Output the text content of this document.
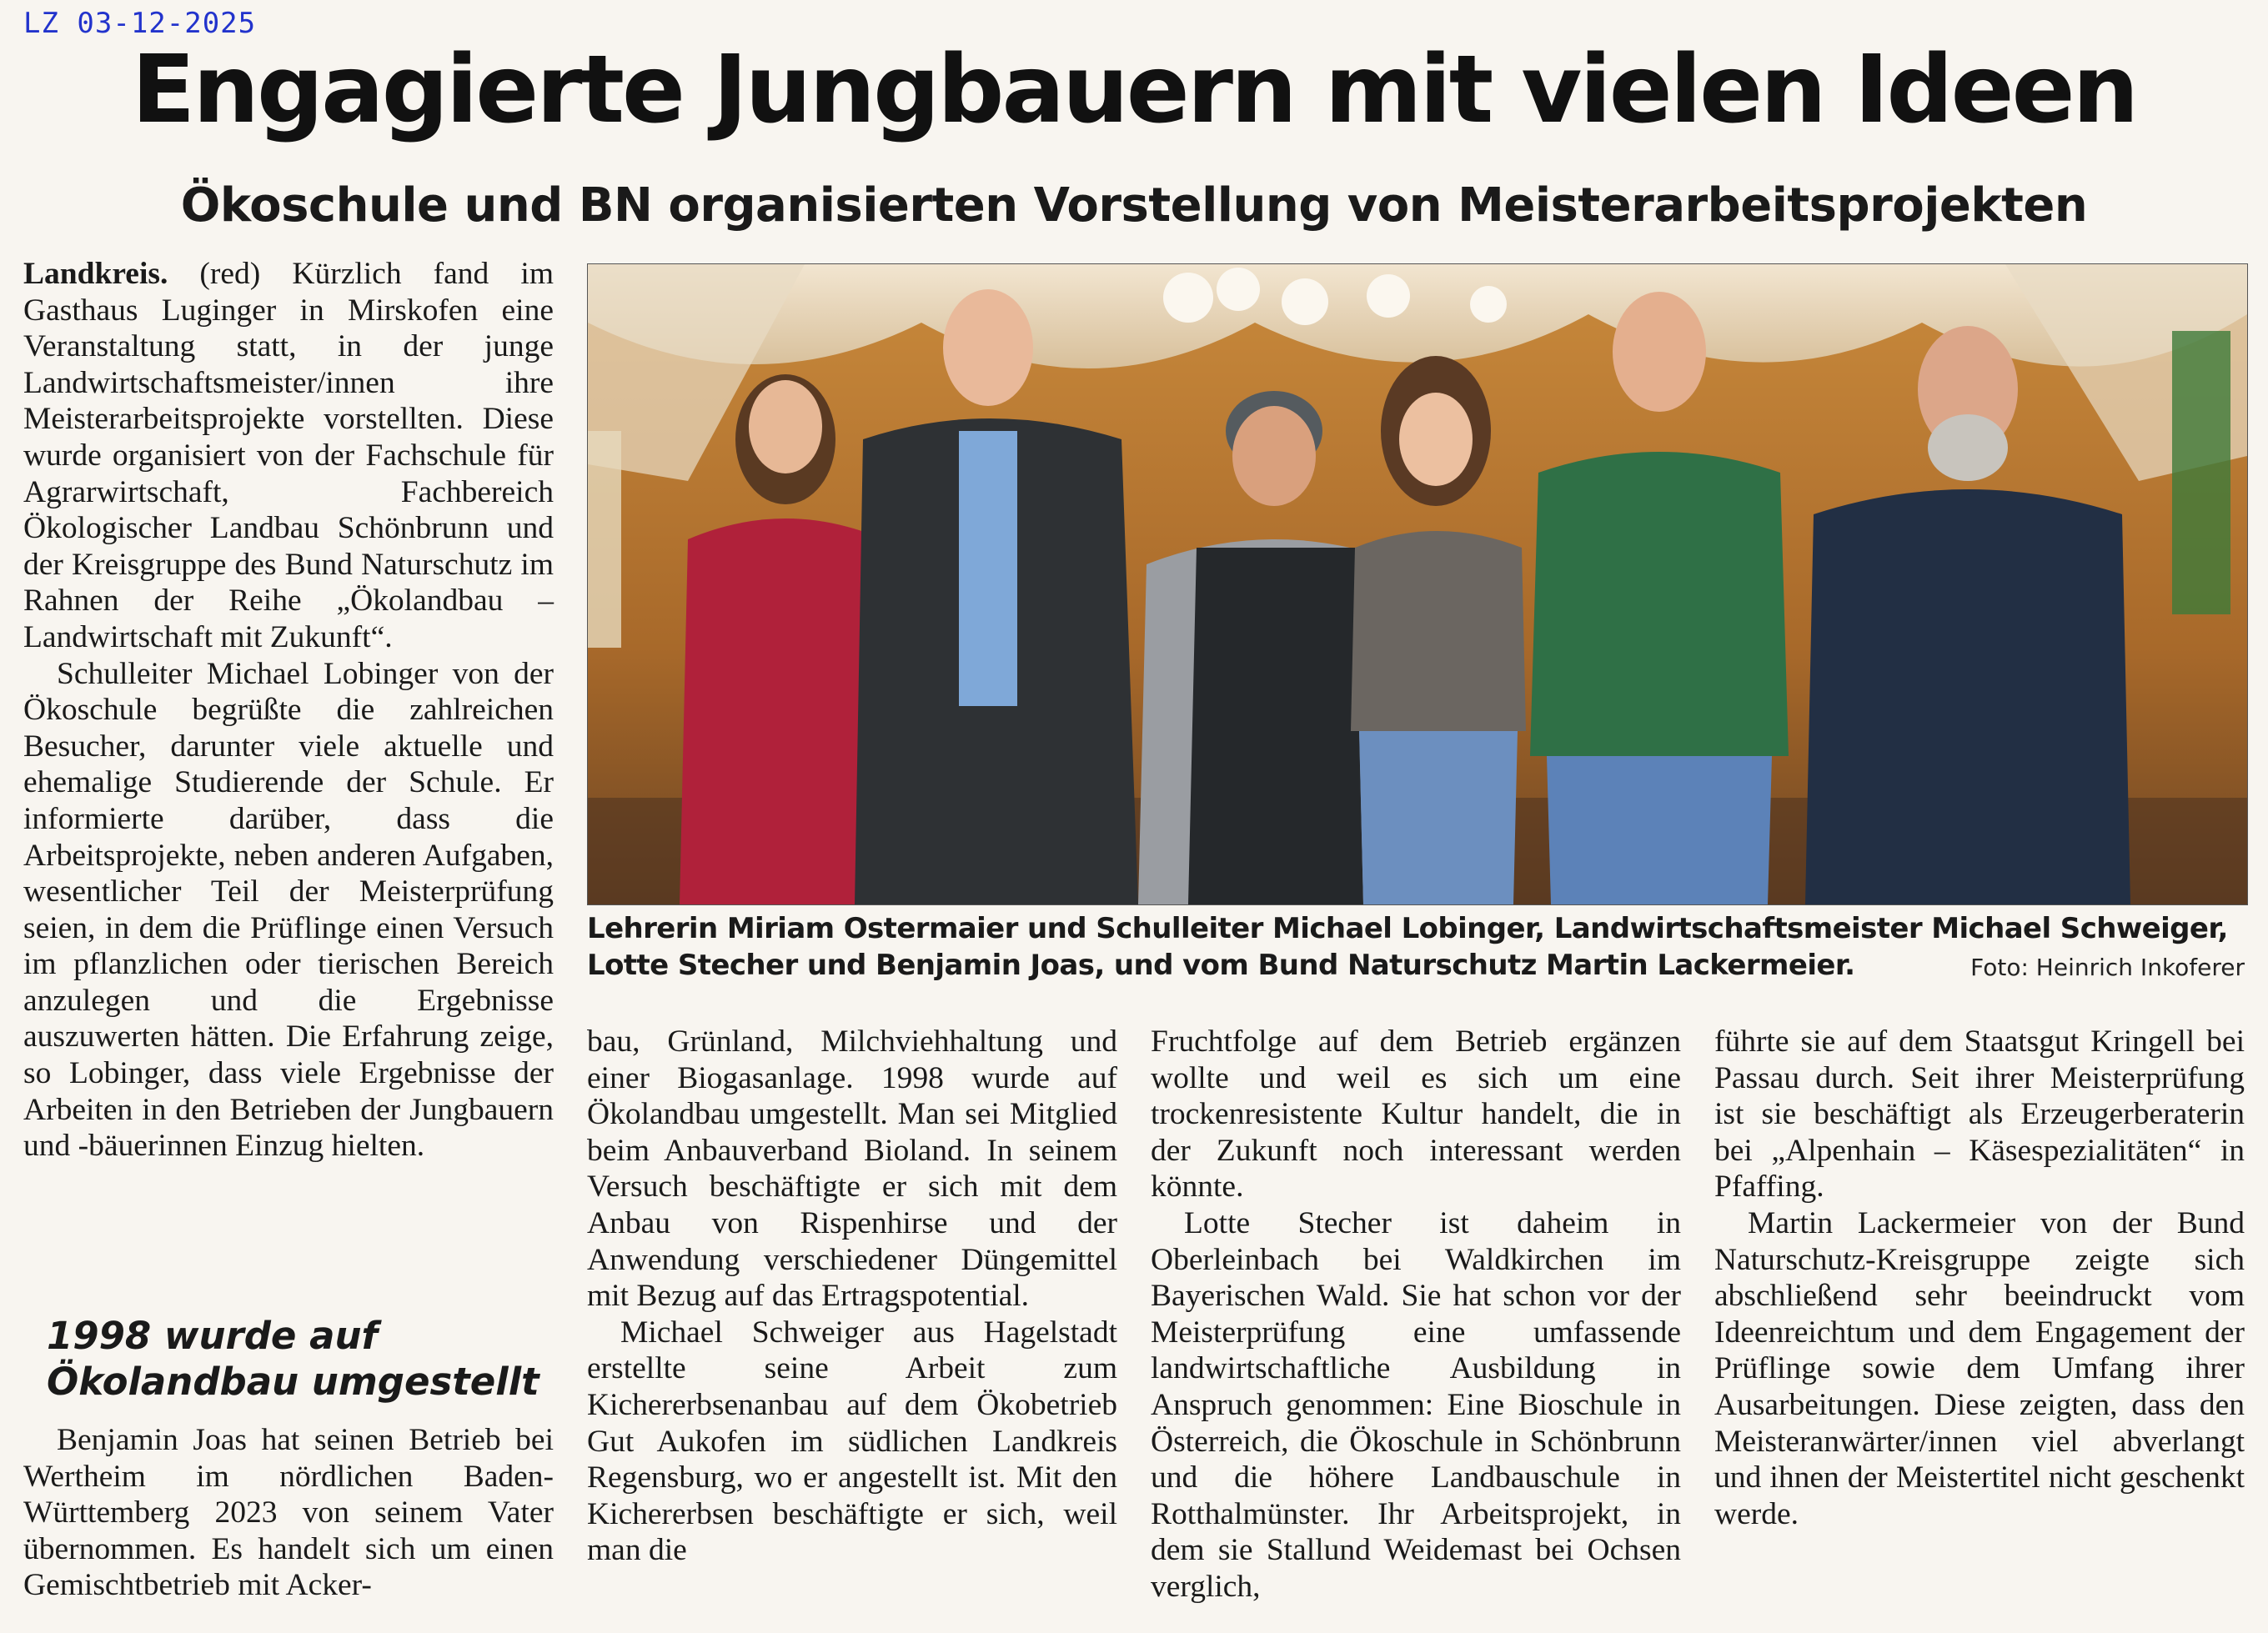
LZ 03-12-2025
Engagierte Jungbauern mit vielen Ideen
Ökoschule und BN organisierten Vorstellung von Meisterarbeitsprojekten

Landkreis. (red) Kürzlich fand im Gasthaus Luginger in Mirskofen eine Veranstaltung statt, in der junge Landwirtschaftsmeister/innen ihre Meisterarbeitsprojekte vorstellten. Diese wurde organisiert von der Fachschule für Agrarwirtschaft, Fachbereich Ökologischer Landbau Schönbrunn und der Kreisgruppe des Bund Naturschutz im Rahnen der Reihe „Ökolandbau – Landwirtschaft mit Zukunft“.

Schulleiter Michael Lobinger von der Ökoschule begrüßte die zahlreichen Besucher, darunter viele aktuelle und ehemalige Studierende der Schule. Er informierte darüber, dass die Arbeitsprojekte, neben anderen Aufgaben, wesentlicher Teil der Meisterprüfung seien, in dem die Prüflinge einen Versuch im pflanzlichen oder tierischen Bereich anzulegen und die Ergebnisse auszuwerten hätten. Die Erfahrung zeige, so Lobinger, dass viele Ergebnisse der Arbeiten in den Betrieben der Jungbauern und -bäuerinnen Einzug hielten.

1998 wurde auf Ökolandbau umgestellt

Benjamin Joas hat seinen Betrieb bei Wertheim im nördlichen Baden-Württemberg 2023 von seinem Vater übernommen. Es handelt sich um einen Gemischtbetrieb mit Acker-

Lehrerin Miriam Ostermaier und Schulleiter Michael Lobinger, Landwirtschaftsmeister Michael Schweiger, Lotte Stecher und Benjamin Joas, und vom Bund Naturschutz Martin Lackermeier.	Foto: Heinrich Inkoferer

bau, Grünland, Milchviehhaltung und einer Biogasanlage. 1998 wurde auf Ökolandbau umgestellt. Man sei Mitglied beim Anbauverband Bioland. In seinem Versuch beschäftigte er sich mit dem Anbau von Rispenhirse und der Anwendung verschiedener Düngemittel mit Bezug auf das Ertragspotential.

Michael Schweiger aus Hagelstadt erstellte seine Arbeit zum Kichererbsenanbau auf dem Ökobetrieb Gut Aukofen im südlichen Landkreis Regensburg, wo er angestellt ist. Mit den Kichererbsen beschäftigte er sich, weil man die

Fruchtfolge auf dem Betrieb ergänzen wollte und weil es sich um eine trockenresistente Kultur handelt, die in der Zukunft noch interessant werden könnte.

Lotte Stecher ist daheim in Oberleinbach bei Waldkirchen im Bayerischen Wald. Sie hat schon vor der Meisterprüfung eine umfassende landwirtschaftliche Ausbildung in Anspruch genommen: Eine Bioschule in Österreich, die Ökoschule in Schönbrunn und die höhere Landbauschule in Rotthalmünster. Ihr Arbeitsprojekt, in dem sie Stallund Weidemast bei Ochsen verglich,

führte sie auf dem Staatsgut Kringell bei Passau durch. Seit ihrer Meisterprüfung ist sie beschäftigt als Erzeugerberaterin bei „Alpenhain – Käsespezialitäten“ in Pfaffing.

Martin Lackermeier von der Bund Naturschutz-Kreisgruppe zeigte sich abschließend sehr beeindruckt vom Ideenreichtum und dem Engagement der Prüflinge sowie dem Umfang ihrer Ausarbeitungen. Diese zeigten, dass den Meisteranwärter/innen viel abverlangt und ihnen der Meistertitel nicht geschenkt werde.
